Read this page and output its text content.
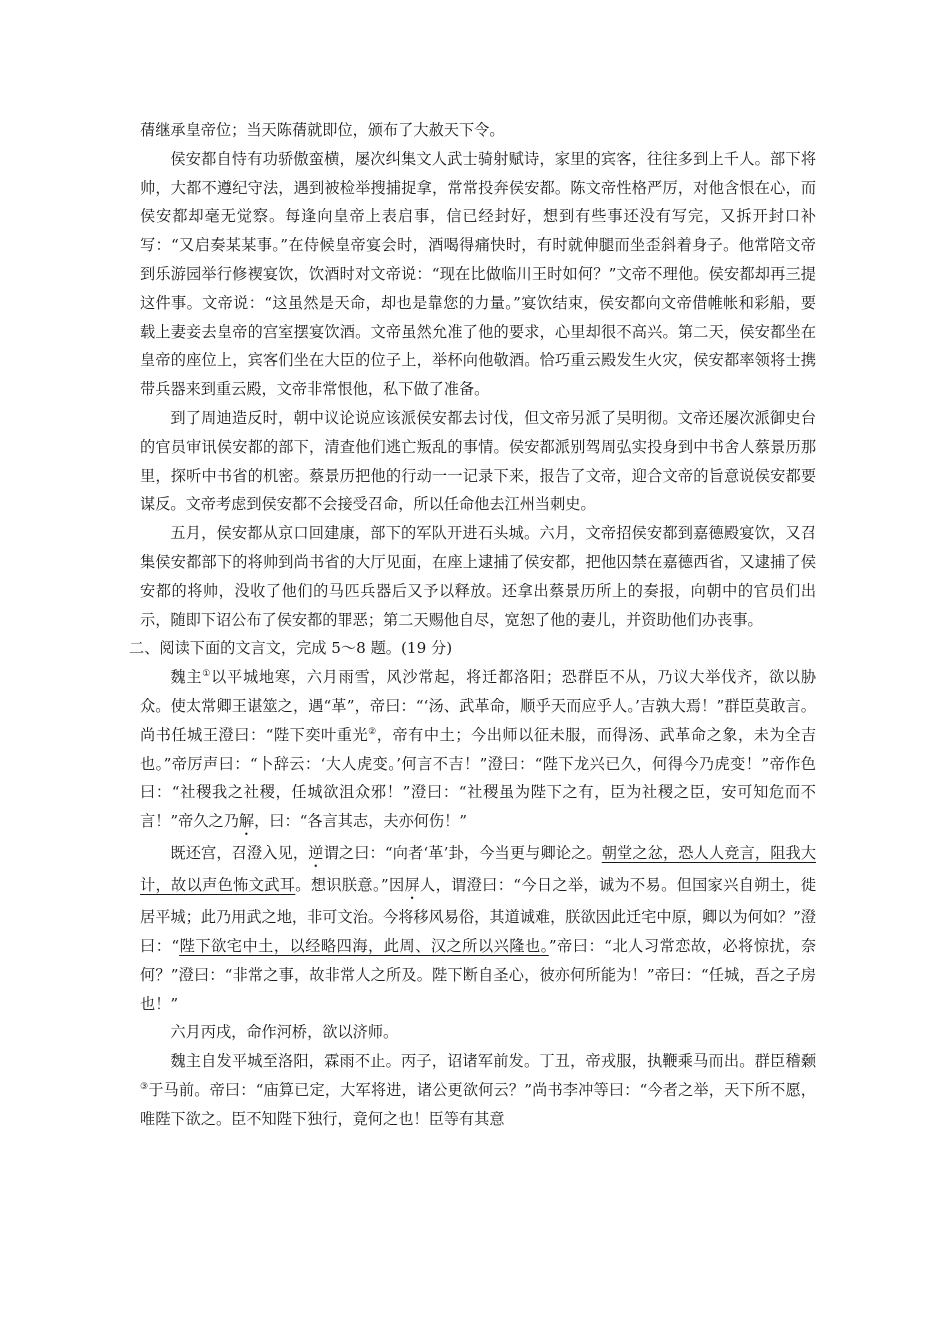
蒨继承皇帝位；当天陈蒨就即位，颁布了大赦天下令。

侯安都自恃有功骄傲蛮横，屡次纠集文人武士骑射赋诗，家里的宾客，往往多到上千人。部下将帅，大都不遵纪守法，遇到被检举搜捕捉拿，常常投奔侯安都。陈文帝性格严厉，对他含恨在心，而侯安都却毫无觉察。每逢向皇帝上表启事，信已经封好，想到有些事还没有写完，又拆开封口补写：“又启奏某某事。”在侍候皇帝宴会时，酒喝得痛快时，有时就伸腿而坐歪斜着身子。他常陪文帝到乐游园举行修褉宴饮，饮酒时对文帝说：“现在比做临川王时如何？”文帝不理他。侯安都却再三提这件事。文帝说：“这虽然是天命，却也是靠您的力量。”宴饮结束，侯安都向文帝借帷帐和彩船，要载上妻妾去皇帝的宫室摆宴饮酒。文帝虽然允准了他的要求，心里却很不高兴。第二天，侯安都坐在皇帝的座位上，宾客们坐在大臣的位子上，举杯向他敬酒。恰巧重云殿发生火灾，侯安都率领将士携带兵器来到重云殿，文帝非常恨他，私下做了准备。

到了周迪造反时，朝中议论说应该派侯安都去讨伐，但文帝另派了吴明彻。文帝还屡次派御史台的官员审讯侯安都的部下，清查他们逃亡叛乱的事情。侯安都派别驾周弘实投身到中书舍人蔡景历那里，探听中书省的机密。蔡景历把他的行动一一记录下来，报告了文帝，迎合文帝的旨意说侯安都要谋反。文帝考虑到侯安都不会接受召命，所以任命他去江州当刺史。

五月，侯安都从京口回建康，部下的军队开进石头城。六月，文帝招侯安都到嘉德殿宴饮，又召集侯安都部下的将帅到尚书省的大厅见面，在座上逮捕了侯安都，把他囚禁在嘉德西省，又逮捕了侯安都的将帅，没收了他们的马匹兵器后又予以释放。还拿出蔡景历所上的奏报，向朝中的官员们出示，随即下诏公布了侯安都的罪恶；第二天赐他自尽，宽恕了他的妻儿，并资助他们办丧事。

二、阅读下面的文言文，完成 5～8 题。(19 分)

魏主①以平城地寒，六月雨雪，风沙常起，将迁都洛阳；恐群臣不从，乃议大举伐齐，欲以胁众。使太常卿王谌筮之，遇“革”，帝曰：“‘汤、武革命，顺乎天而应乎人。’吉孰大焉！”群臣莫敢言。尚书任城王澄曰：“陛下奕叶重光②，帝有中土；今出师以征未服，而得汤、武革命之象，未为全吉也。”帝厉声曰：“卜辞云：‘大人虎变。’何言不吉！”澄曰：“陛下龙兴已久，何得今乃虎变！”帝作色曰：“社稷我之社稷，任城欲沮众邪！”澄曰：“社稷虽为陛下之有，臣为社稷之臣，安可知危而不言！”帝久之乃解，曰：“各言其志，夫亦何伤！”

既还宫，召澄入见，逆谓之曰：“向者‘革’卦，今当更与卿论之。朝堂之忿，恐人人竞言，阻我大计，故以声色怖文武耳。想识朕意。”因屏人，谓澄曰：“今日之举，诚为不易。但国家兴自朔土，徙居平城；此乃用武之地，非可文治。今将移风易俗，其道诚难，朕欲因此迁宅中原，卿以为何如？”澄曰：“陛下欲宅中土，以经略四海，此周、汉之所以兴隆也。”帝曰：“北人习常恋故，必将惊扰，奈何？”澄曰：“非常之事，故非常人之所及。陛下断自圣心，彼亦何所能为！”帝曰：“任城，吾之子房也！”

六月丙戌，命作河桥，欲以济师。

魏主自发平城至洛阳，霖雨不止。丙子，诏诸军前发。丁丑，帝戎服，执鞭乘马而出。群臣稽颡③于马前。帝曰：“庙算已定，大军将进，诸公更欲何云？”尚书李冲等曰：“今者之举，天下所不愿，唯陛下欲之。臣不知陛下独行，竟何之也！臣等有其意
